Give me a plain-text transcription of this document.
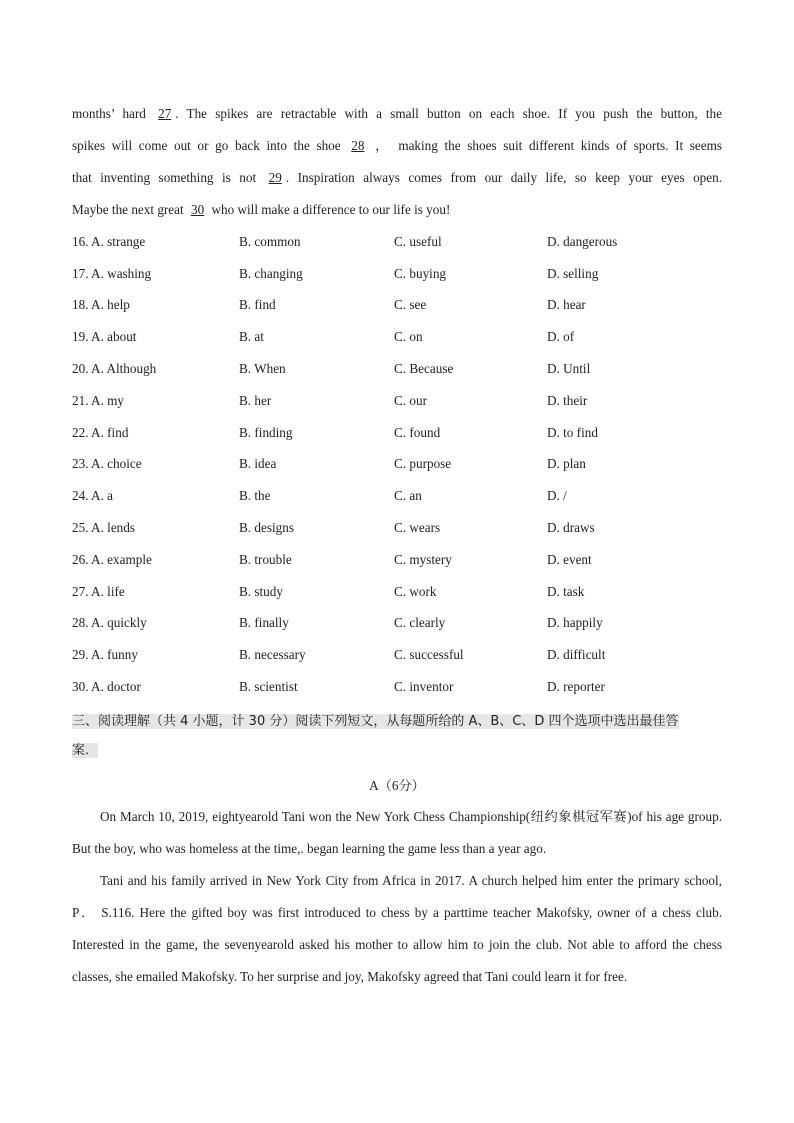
months’ hard 27 . The spikes are retractable with a small button on each shoe. If you push the button, the

spikes will come out or go back into the shoe 28 ， making the shoes suit different kinds of sports. It seems

that inventing something is not 29 . Inspiration always comes from our daily life, so keep your eyes open.

Maybe the next great 30 who will make a difference to our life is you!

16. A. strange	B. common	C. useful	D. dangerous
17. A. washing	B. changing	C. buying	D. selling
18. A. help	B. find	C. see	D. hear
19. A. about	B. at	C. on	D. of
20. A. Although	B. When	C. Because	D. Until
21. A. my	B. her	C. our	D. their
22. A. find	B. finding	C. found	D. to find
23. A. choice	B. idea	C. purpose	D. plan
24. A. a	B. the	C. an	D. /
25. A. lends	B. designs	C. wears	D. draws
26. A. example	B. trouble	C. mystery	D. event
27. A. life	B. study	C. work	D. task
28. A. quickly	B. finally	C. clearly	D. happily
29. A. funny	B. necessary	C. successful	D. difficult
30. A. doctor	B. scientist	C. inventor	D. reporter
三、阅读理解（共 4 小题，计 30 分）阅读下列短文，从每题所给的 A、B、C、D 四个选项中选出最佳答
案．
A（6分）

On March 10, 2019, eightyearold Tani won the New York Chess Championship(纽约象棋冠军赛)of his age group. But the boy, who was homeless at the time,. began learning the game less than a year ago.

Tani and his family arrived in New York City from Africa in 2017. A church helped him enter the primary school, P． S.116. Here the gifted boy was first introduced to chess by a parttime teacher Makofsky, owner of a chess club. Interested in the game, the sevenyearold asked his mother to allow him to join the club. Not able to afford the chess classes, she emailed Makofsky. To her surprise and joy, Makofsky agreed that Tani could learn it for free.
